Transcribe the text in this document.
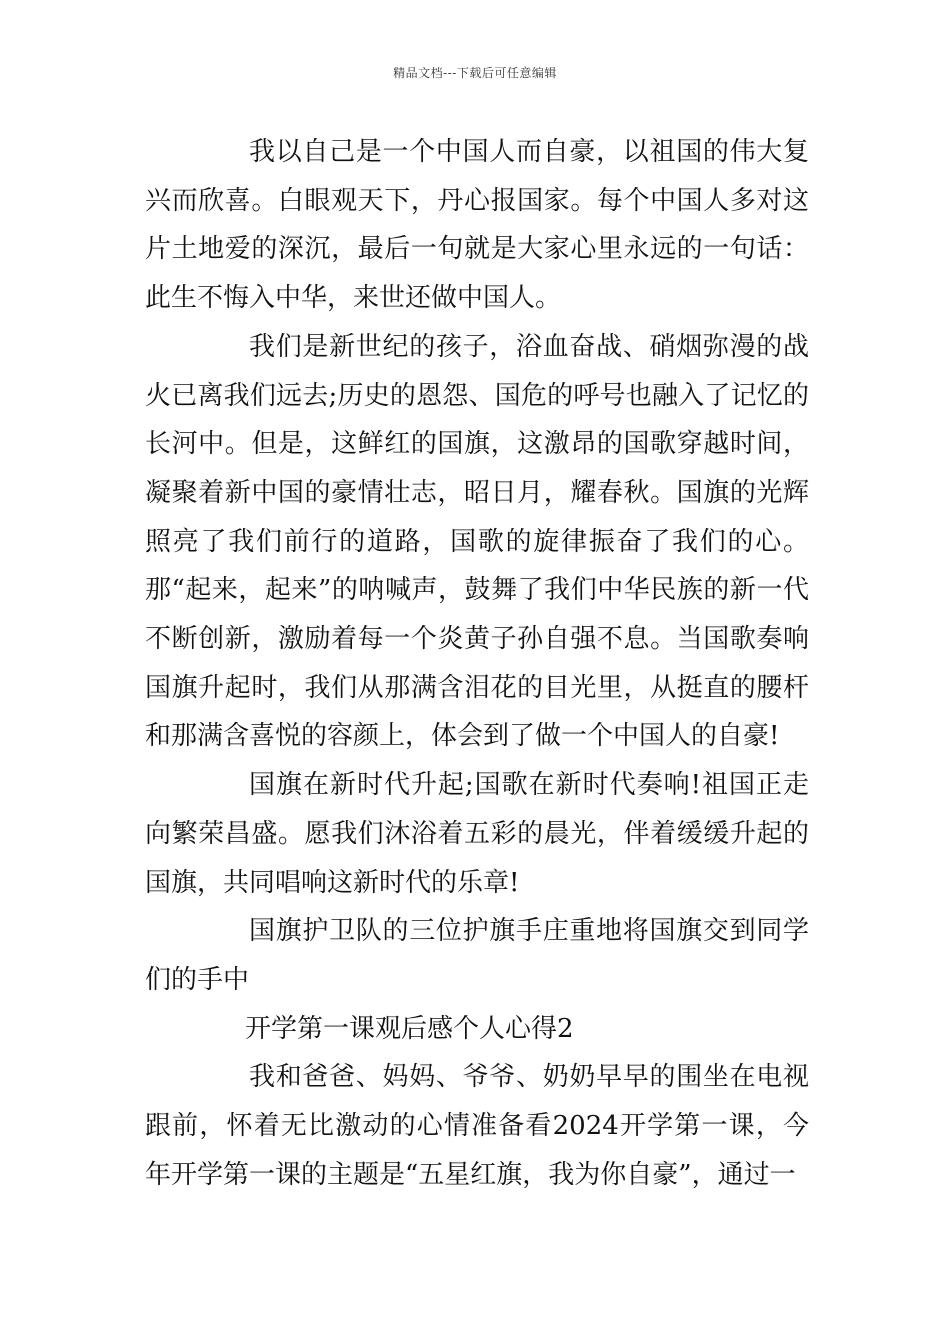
精品文档---下载后可任意编辑

我以自己是一个中国人而自豪，以祖国的伟大复兴而欣喜。白眼观天下，丹心报国家。每个中国人多对这片土地爱的深沉，最后一句就是大家心里永远的一句话：此生不悔入中华，来世还做中国人。

我们是新世纪的孩子，浴血奋战、硝烟弥漫的战火已离我们远去;历史的恩怨、国危的呼号也融入了记忆的长河中。但是，这鲜红的国旗，这激昂的国歌穿越时间，凝聚着新中国的豪情壮志，昭日月，耀春秋。国旗的光辉照亮了我们前行的道路，国歌的旋律振奋了我们的心。那“起来，起来”的呐喊声，鼓舞了我们中华民族的新一代不断创新，激励着每一个炎黄子孙自强不息。当国歌奏响国旗升起时，我们从那满含泪花的目光里，从挺直的腰杆和那满含喜悦的容颜上，体会到了做一个中国人的自豪!

国旗在新时代升起;国歌在新时代奏响!祖国正走向繁荣昌盛。愿我们沐浴着五彩的晨光，伴着缓缓升起的国旗，共同唱响这新时代的乐章!

国旗护卫队的三位护旗手庄重地将国旗交到同学们的手中

开学第一课观后感个人心得2

我和爸爸、妈妈、爷爷、奶奶早早的围坐在电视跟前，怀着无比激动的心情准备看2024开学第一课，今年开学第一课的主题是“五星红旗，我为你自豪”，通过一
